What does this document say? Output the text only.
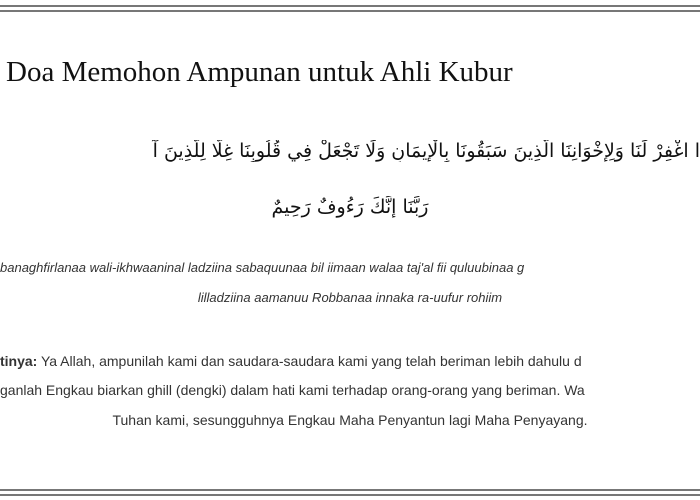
Doa Memohon Ampunan untuk Ahli Kubur
ا اغْفِرْ لَنَا وَلِإِخْوَانِنَا الَّذِينَ سَبَقُونَا بِالْإِيمَانِ وَلَا تَجْعَلْ فِي قُلُوبِنَا غِلًّا لِلَّذِينَ آ
رَبَّنَا إِنَّكَ رَءُوفٌ رَحِيمٌ
banaghfirlanaa wali-ikhwaaninal ladziina sabaquunaa bil iimaan walaa taj'al fii quluubinaa g
lilladziina aamanuu Robbanaa innaka ra-uufur rohiim
tinya: Ya Allah, ampunilah kami dan saudara-saudara kami yang telah beriman lebih dahulu d
ganlah Engkau biarkan ghill (dengki) dalam hati kami terhadap orang-orang yang beriman. Wa
Tuhan kami, sesungguhnya Engkau Maha Penyantun lagi Maha Penyayang.
